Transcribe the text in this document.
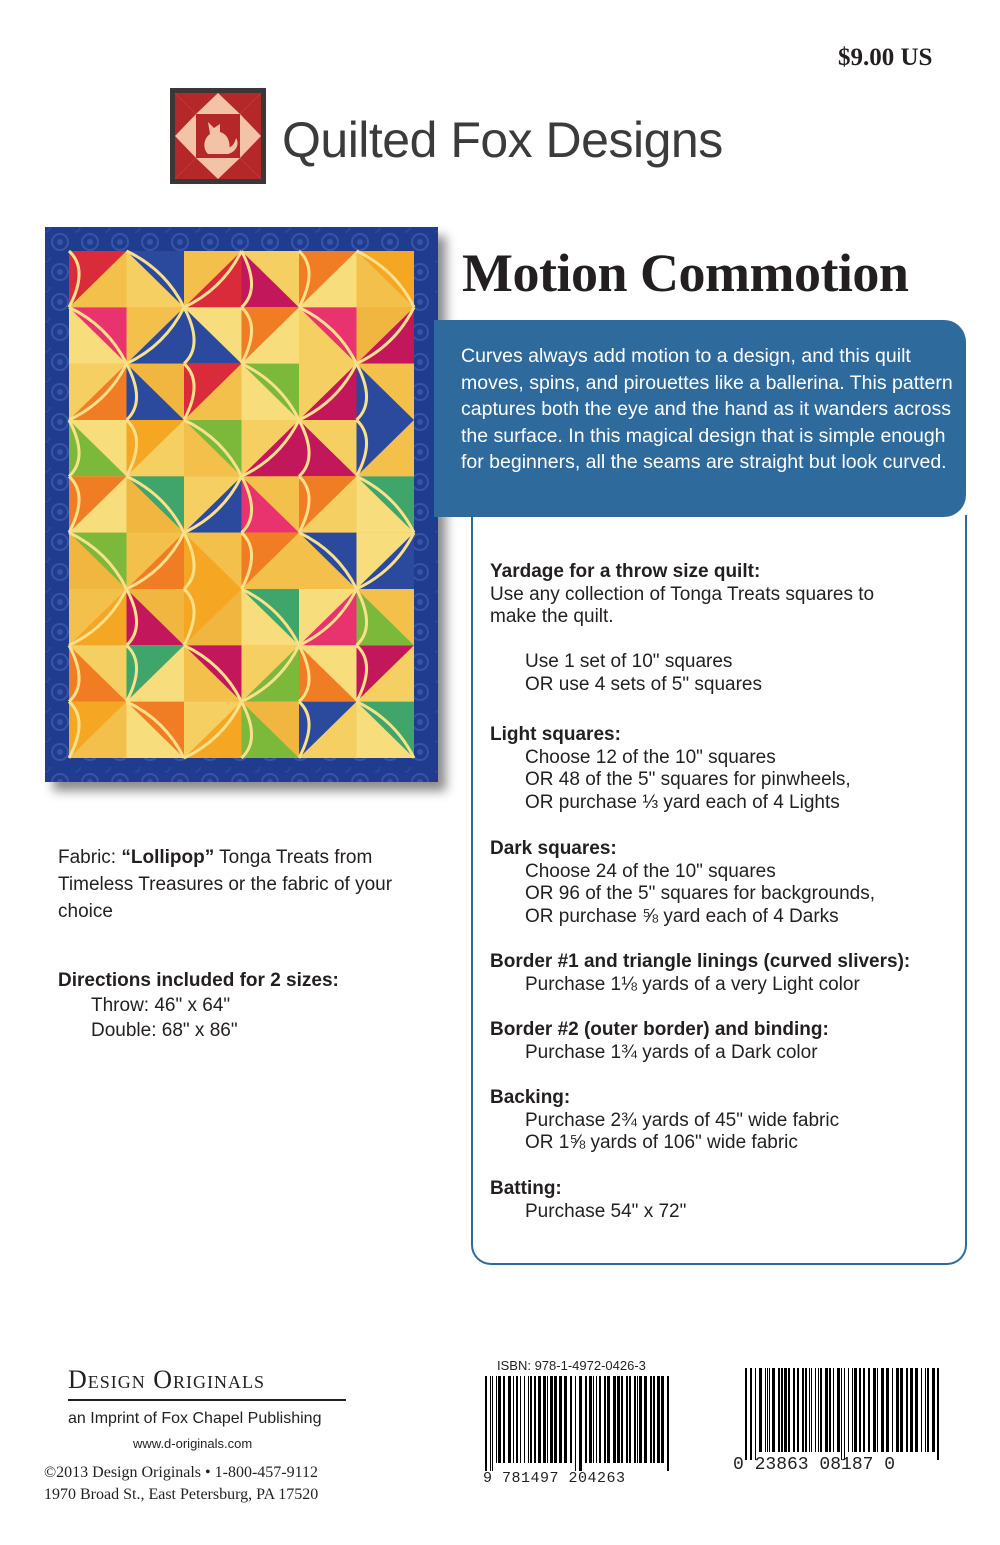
$9.00 US
Quilted Fox Designs
Motion Commotion
Curves always add motion to a design, and this quilt moves, spins, and pirouettes like a ballerina. This pattern captures both the eye and the hand as it wanders across the surface. In this magical design that is simple enough for beginners, all the seams are straight but look curved.
Yardage for a throw size quilt:
Use any collection of Tonga Treats squares to
make the quilt.
Use 1 set of 10" squares
OR use 4 sets of 5" squares
Light squares:
Choose 12 of the 10" squares
OR 48 of the 5" squares for pinwheels,
OR purchase ⅓ yard each of 4 Lights
Dark squares:
Choose 24 of the 10" squares
OR 96 of the 5" squares for backgrounds,
OR purchase ⅝ yard each of 4 Darks
Border #1 and triangle linings (curved slivers):
Purchase 1⅛ yards of a very Light color
Border #2 (outer border) and binding:
Purchase 1¾ yards of a Dark color
Backing:
Purchase 2¾ yards of 45" wide fabric
OR 1⅝ yards of 106" wide fabric
Batting:
Purchase 54" x 72"
Fabric: “Lollipop” Tonga Treats from Timeless Treasures or the fabric of your choice
Directions included for 2 sizes:
Throw: 46" x 64"
Double: 68" x 86"
Design Originals
an Imprint of Fox Chapel Publishing
www.d-originals.com
©2013 Design Originals • 1-800-457-9112
1970 Broad St., East Petersburg, PA 17520
ISBN: 978-1-4972-0426-3
9 781497 204263
0 23863 08187 0
